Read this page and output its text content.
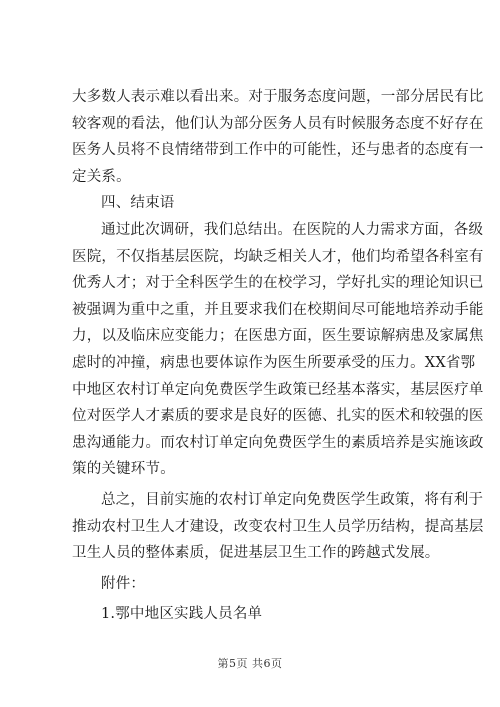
大多数人表示难以看出来。对于服务态度问题，一部分居民有比
较客观的看法，他们认为部分医务人员有时候服务态度不好存在
医务人员将不良情绪带到工作中的可能性，还与患者的态度有一
定关系。

四、结束语

通过此次调研，我们总结出。在医院的人力需求方面，各级
医院，不仅指基层医院，均缺乏相关人才，他们均希望各科室有
优秀人才；对于全科医学生的在校学习，学好扎实的理论知识已
被强调为重中之重，并且要求我们在校期间尽可能地培养动手能
力，以及临床应变能力；在医患方面，医生要谅解病患及家属焦
虑时的冲撞，病患也要体谅作为医生所要承受的压力。XX省鄂
中地区农村订单定向免费医学生政策已经基本落实，基层医疗单
位对医学人才素质的要求是良好的医德、扎实的医术和较强的医
患沟通能力。而农村订单定向免费医学生的素质培养是实施该政
策的关键环节。

总之，目前实施的农村订单定向免费医学生政策，将有利于
推动农村卫生人才建设，改变农村卫生人员学历结构，提高基层
卫生人员的整体素质，促进基层卫生工作的跨越式发展。

附件：

1.鄂中地区实践人员名单

第5页 共6页
